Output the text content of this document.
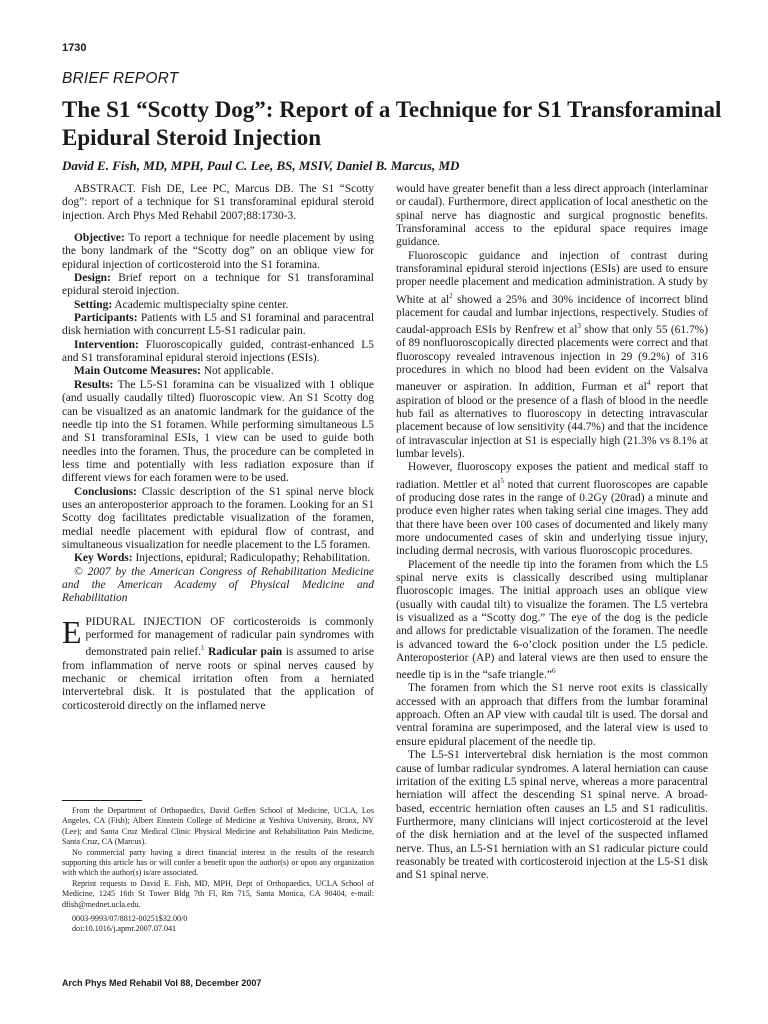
1730
BRIEF REPORT
The S1 “Scotty Dog”: Report of a Technique for S1 Transforaminal Epidural Steroid Injection
David E. Fish, MD, MPH, Paul C. Lee, BS, MSIV, Daniel B. Marcus, MD

ABSTRACT. Fish DE, Lee PC, Marcus DB. The S1 “Scotty dog”: report of a technique for S1 transforaminal epidural steroid injection. Arch Phys Med Rehabil 2007;88:1730-3.

Objective: To report a technique for needle placement by using the bony landmark of the “Scotty dog” on an oblique view for epidural injection of corticosteroid into the S1 foramina.

Design: Brief report on a technique for S1 transforaminal epidural steroid injection.

Setting: Academic multispecialty spine center.

Participants: Patients with L5 and S1 foraminal and paracentral disk herniation with concurrent L5-S1 radicular pain.

Intervention: Fluoroscopically guided, contrast-enhanced L5 and S1 transforaminal epidural steroid injections (ESIs).

Main Outcome Measures: Not applicable.

Results: The L5-S1 foramina can be visualized with 1 oblique (and usually caudally tilted) fluoroscopic view. An S1 Scotty dog can be visualized as an anatomic landmark for the guidance of the needle tip into the S1 foramen. While performing simultaneous L5 and S1 transforaminal ESIs, 1 view can be used to guide both needles into the foramen. Thus, the procedure can be completed in less time and potentially with less radiation exposure than if different views for each foramen were to be used.

Conclusions: Classic description of the S1 spinal nerve block uses an anteroposterior approach to the foramen. Looking for an S1 Scotty dog facilitates predictable visualization of the foramen, medial needle placement with epidural flow of contrast, and simultaneous visualization for needle placement to the L5 foramen.

Key Words: Injections, epidural; Radiculopathy; Rehabilitation.

© 2007 by the American Congress of Rehabilitation Medicine and the American Academy of Physical Medicine and Rehabilitation

EPIDURAL INJECTION OF corticosteroids is commonly performed for management of radicular pain syndromes with demonstrated pain relief.$^1$ Radicular pain is assumed to arise from inflammation of nerve roots or spinal nerves caused by mechanic or chemical irritation often from a herniated intervertebral disk. It is postulated that the application of corticosteroid directly on the inflamed nerve

From the Department of Orthopaedics, David Geffen School of Medicine, UCLA, Los Angeles, CA (Fish); Albert Einstein College of Medicine at Yeshiva University, Bronx, NY (Lee); and Santa Cruz Medical Clinic Physical Medicine and Rehabilitation Pain Medicine, Santa Cruz, CA (Marcus).

No commercial party having a direct financial interest in the results of the research supporting this article has or will confer a benefit upon the author(s) or upon any organization with which the author(s) is/are associated.

Reprint requests to David E. Fish, MD, MPH, Dept of Orthopaedics, UCLA School of Medicine, 1245 16th St Tower Bldg 7th Fl, Rm 715, Santa Monica, CA 90404, e-mail: dfish@mednet.ucla.edu.

0003-9993/07/8812-00251$32.00/0

doi:10.1016/j.apmr.2007.07.041

would have greater benefit than a less direct approach (interlaminar or caudal). Furthermore, direct application of local anesthetic on the spinal nerve has diagnostic and surgical prognostic benefits. Transforaminal access to the epidural space requires image guidance.

Fluoroscopic guidance and injection of contrast during transforaminal epidural steroid injections (ESIs) are used to ensure proper needle placement and medication administration. A study by White at $al^2$ showed a 25% and 30% incidence of incorrect blind placement for caudal and lumbar injections, respectively. Studies of caudal-approach ESIs by Renfrew et $al^3$ show that only 55 (61.7%) of 89 nonfluoroscopically directed placements were correct and that fluoroscopy revealed intravenous injection in 29 (9.2%) of 316 procedures in which no blood had been evident on the Valsalva maneuver or aspiration. In addition, Furman et $al^4$ report that aspiration of blood or the presence of a flash of blood in the needle hub fail as alternatives to fluoroscopy in detecting intravascular placement because of low sensitivity (44.7%) and that the incidence of intravascular injection at S1 is especially high (21.3% vs 8.1% at lumbar levels).

However, fluoroscopy exposes the patient and medical staff to radiation. Mettler et $al^5$ noted that current fluoroscopes are capable of producing dose rates in the range of 0.2Gy (20rad) a minute and produce even higher rates when taking serial cine images. They add that there have been over 100 cases of documented and likely many more undocumented cases of skin and underlying tissue injury, including dermal necrosis, with various fluoroscopic procedures.

Placement of the needle tip into the foramen from which the L5 spinal nerve exits is classically described using multiplanar fluoroscopic images. The initial approach uses an oblique view (usually with caudal tilt) to visualize the foramen. The L5 vertebra is visualized as a “Scotty dog.” The eye of the dog is the pedicle and allows for predictable visualization of the foramen. The needle is advanced toward the 6-o’clock position under the L5 pedicle. Anteroposterior (AP) and lateral views are then used to ensure the needle tip is in the “safe triangle.”$^6$

The foramen from which the S1 nerve root exits is classically accessed with an approach that differs from the lumbar foraminal approach. Often an AP view with caudal tilt is used. The dorsal and ventral foramina are superimposed, and the lateral view is used to ensure epidural placement of the needle tip.

The L5-S1 intervertebral disk herniation is the most common cause of lumbar radicular syndromes. A lateral herniation can cause irritation of the exiting L5 spinal nerve, whereas a more paracentral herniation will affect the descending S1 spinal nerve. A broad-based, eccentric herniation often causes an L5 and S1 radiculitis. Furthermore, many clinicians will inject corticosteroid at the level of the disk herniation and at the level of the suspected inflamed nerve. Thus, an L5-S1 herniation with an S1 radicular picture could reasonably be treated with corticosteroid injection at the L5-S1 disk and S1 spinal nerve.

Arch Phys Med Rehabil Vol 88, December 2007
